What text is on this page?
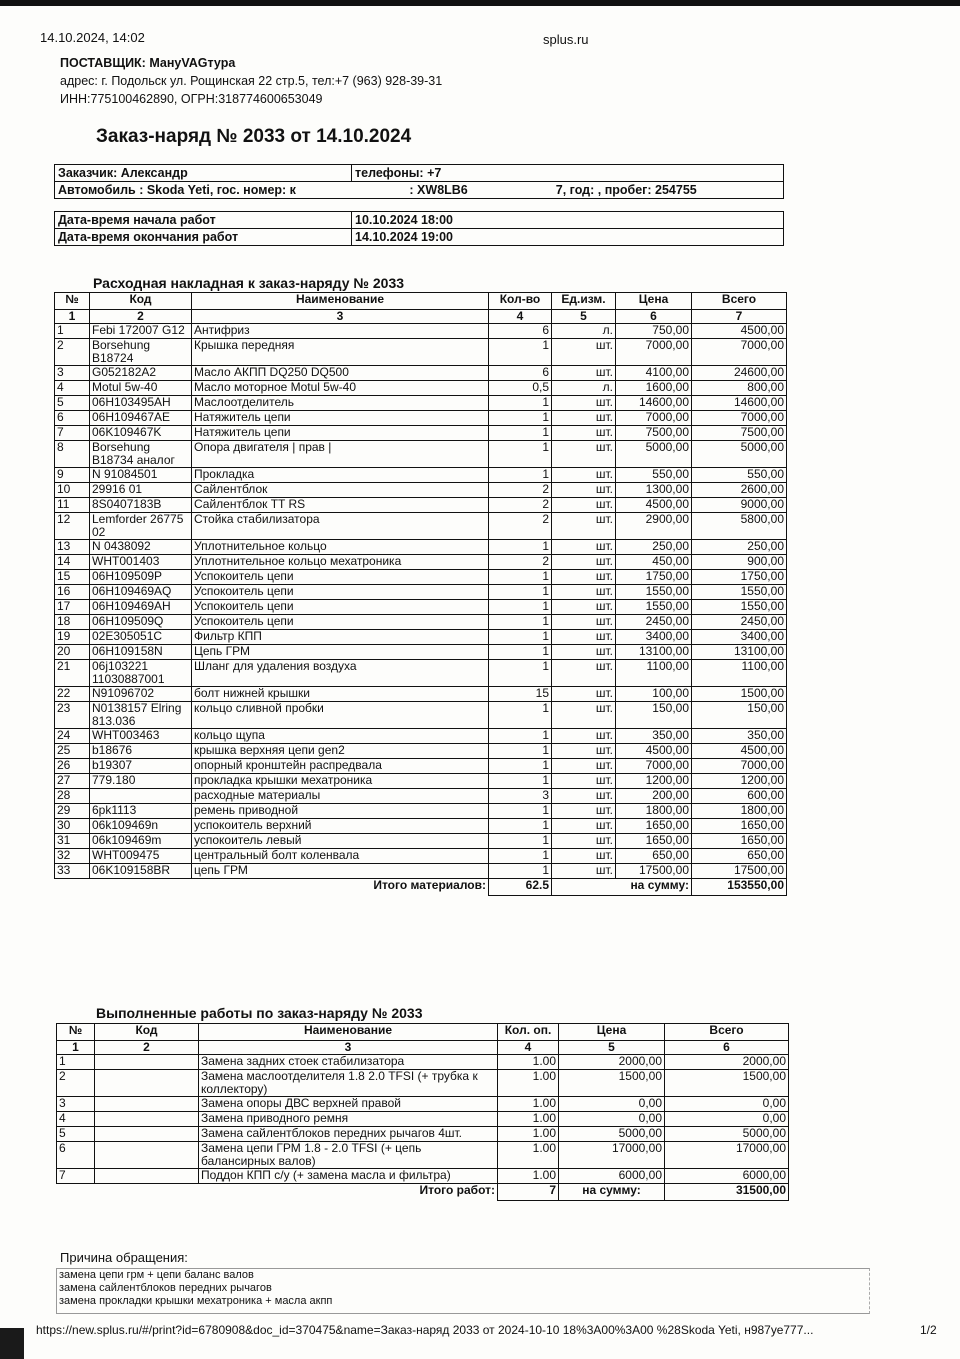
14.10.2024, 14:02	splus.ru
ПОСТАВЩИК: МануVAGтура
адрес: г. Подольск ул. Рощинская 22 стр.5, тел:+7 (963) 928-39-31
ИНН:775100462890, ОГРН:318774600653049
Заказ-наряд № 2033 от 14.10.2024
Заказчик: Александр	телефоны: +7
Автомобиль : Skoda Yeti, гос. номер: к	: XW8LB6	7, год: , пробег: 254755
Дата-время начала работ	10.10.2024 18:00
Дата-время окончания работ	14.10.2024 19:00
Расходная накладная к заказ-наряду № 2033
№	Код	Наименование	Кол-во	Ед.изм.	Цена	Всего
1	2	3	4	5	6	7
1	Febi 172007 G12	Антифриз	6	л.	750,00	4500,00
2	Borsehung B18724	Крышка передняя	1	шт.	7000,00	7000,00
3	G052182A2	Масло АКПП DQ250 DQ500	6	шт.	4100,00	24600,00
4	Motul 5w-40	Масло моторное Motul 5w-40	0,5	л.	1600,00	800,00
5	06H103495AH	Маслоотделитель	1	шт.	14600,00	14600,00
6	06H109467AE	Натяжитель цепи	1	шт.	7000,00	7000,00
7	06K109467K	Натяжитель цепи	1	шт.	7500,00	7500,00
8	Borsehung B18734 аналог	Опора двигателя | прав |	1	шт.	5000,00	5000,00
9	N 91084501	Прокладка	1	шт.	550,00	550,00
10	29916 01	Сайлентблок	2	шт.	1300,00	2600,00
11	8S0407183B	Сайлентблок TT RS	2	шт.	4500,00	9000,00
12	Lemforder 26775 02	Стойка стабилизатора	2	шт.	2900,00	5800,00
13	N 0438092	Уплотнительное кольцо	1	шт.	250,00	250,00
14	WHT001403	Уплотнительное кольцо мехатроника	2	шт.	450,00	900,00
15	06H109509P	Успокоитель цепи	1	шт.	1750,00	1750,00
16	06H109469AQ	Успокоитель цепи	1	шт.	1550,00	1550,00
17	06H109469AH	Успокоитель цепи	1	шт.	1550,00	1550,00
18	06H109509Q	Успокоитель цепи	1	шт.	2450,00	2450,00
19	02E305051C	Фильтр КПП	1	шт.	3400,00	3400,00
20	06H109158N	Цепь ГРМ	1	шт.	13100,00	13100,00
21	06j103221 11030887001	Шланг для удаления воздуха	1	шт.	1100,00	1100,00
22	N91096702	болт нижней крышки	15	шт.	100,00	1500,00
23	N0138157 Elring 813.036	кольцо сливной пробки	1	шт.	150,00	150,00
24	WHT003463	кольцо щупа	1	шт.	350,00	350,00
25	b18676	крышка верхняя цепи gen2	1	шт.	4500,00	4500,00
26	b19307	опорный кронштейн распредвала	1	шт.	7000,00	7000,00
27	779.180	прокладка крышки мехатроника	1	шт.	1200,00	1200,00
28		расходные материалы	3	шт.	200,00	600,00
29	6pk1113	ремень приводной	1	шт.	1800,00	1800,00
30	06k109469n	успокоитель верхний	1	шт.	1650,00	1650,00
31	06k109469m	успокоитель левый	1	шт.	1650,00	1650,00
32	WHT009475	центральный болт коленвала	1	шт.	650,00	650,00
33	06K109158BR	цепь ГРМ	1	шт.	17500,00	17500,00
Итого материалов:			62.5	на сумму:		153550,00
Выполненные работы по заказ-наряду № 2033
№	Код	Наименование	Кол. оп.	Цена	Всего
1	2	3	4	5	6
1		Замена задних стоек стабилизатора	1.00	2000,00	2000,00
2		Замена маслоотделителя 1.8 2.0 TFSI (+ трубка к коллектору)	1.00	1500,00	1500,00
3		Замена опоры ДВС верхней правой	1.00	0,00	0,00
4		Замена приводного ремня	1.00	0,00	0,00
5		Замена сайлентблоков передних рычагов 4шт.	1.00	5000,00	5000,00
6		Замена цепи ГРМ 1.8 - 2.0 TFSI (+ цепь балансирных валов)	1.00	17000,00	17000,00
7		Поддон КПП с/у (+ замена масла и фильтра)	1.00	6000,00	6000,00
Итого работ:			7	на сумму:	31500,00
Причина обращения:
замена цепи грм + цепи баланс валов
замена сайлентблоков передних рычагов
замена прокладки крышки мехатроника + масла акпп
https://new.splus.ru/#/print?id=6780908&doc_id=370475&name=Заказ-наряд 2033 от 2024-10-10 18%3A00%3A00 %28Skoda Yeti, н987уе777...	1/2
